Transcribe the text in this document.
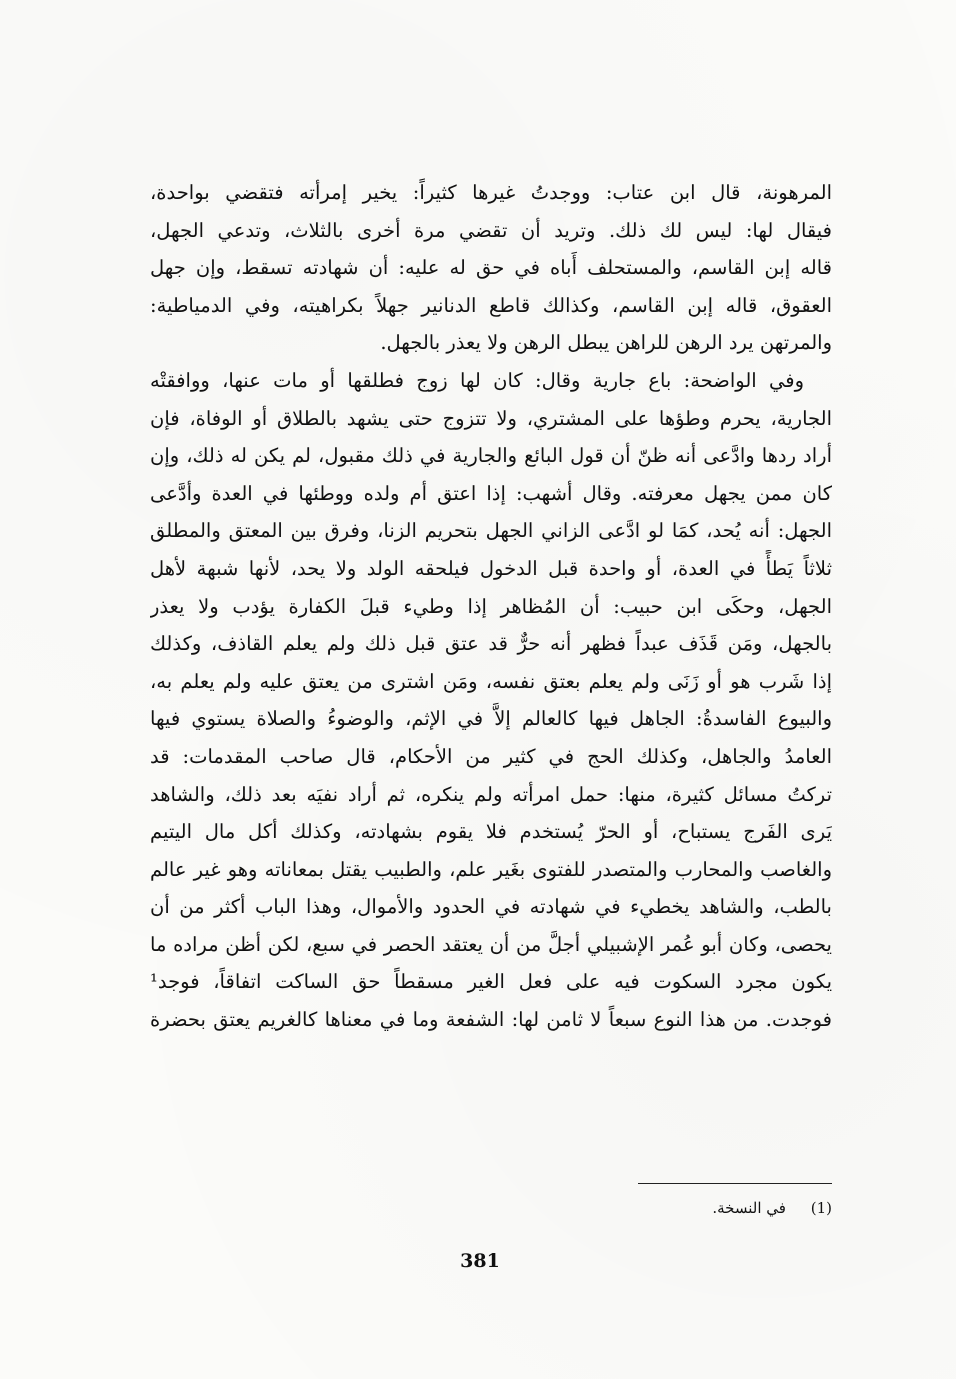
المرهونة، قال ابن عتاب: ووجدتُ غيرها كثيراً: يخير إمرأته فتقضي بواحدة،
فيقال لها: ليس لك ذلك. وتريد أن تقضي مرة أخرى بالثلاث، وتدعي الجهل،
قاله إبن القاسم، والمستحلف أَباه في حق له عليه: أن شهادته تسقط، وإن جهل
العقوق، قاله إبن القاسم، وكذالك قاطع الدنانير جهلاً بكراهيته، وفي الدمياطية:
والمرتهن يرد الرهن للراهن يبطل الرهن ولا يعذر بالجهل.
وفي الواضحة: باع جارية وقال: كان لها زوج فطلقها أو مات عنها، ووافقتْه
الجارية، يحرم وطؤها على المشتري، ولا تتزوج حتى يشهد بالطلاق أو الوفاة، فإن
أراد ردها وادَّعى أنه ظنّ أن قول البائع والجارية في ذلك مقبول، لم يكن له ذلك، وإن
كان ممن يجهل معرفته. وقال أشهب: إذا اعتق أم ولده ووطئها في العدة وأدَّعى
الجهل: أنه يُحد، كمَا لو ادَّعى الزاني الجهل بتحريم الزنا، وفرق بين المعتق والمطلق
ثلاثاً يَطأً في العدة، أو واحدة قبل الدخول فيلحقه الولد ولا يحد، لأنها شبهة لأهل
الجهل، وحكَى ابن حبيب: أن المُظاهر إذا وطيء قبلَ الكفارة يؤدب ولا يعذر
بالجهل، ومَن قَذَف عبداً فظهر أنه حرٌّ قد عتق قبل ذلك ولم يعلم القاذف، وكذلك
إذا شَرب هو أو زَنَى ولم يعلم بعتق نفسه، ومَن اشترى من يعتق عليه ولم يعلم به،
والبيوع الفاسدةُ: الجاهل فيها كالعالم إلاَّ في الإثم، والوضوءُ والصلاة يستوي فيها
العامدُ والجاهل، وكذلك الحج في كثير من الأحكام، قال صاحب المقدمات: قد
تركتُ مسائل كثيرة، منها: حمل امرأته ولم ينكره، ثم أراد نفيَه بعد ذلك، والشاهد
يَرى الفَرج يستباح، أو الحرّ يُستخدم فلا يقوم بشهادته، وكذلك أكل مال اليتيم
والغاصب والمحارب والمتصدر للفتوى بغَير علم، والطبيب يقتل بمعاناته وهو غير عالم
بالطب، والشاهد يخطيء في شهادته في الحدود والأموال، وهذا الباب أكثر من أن
يحصى، وكان أبو عُمر الإشبيلي أجلَّ من أن يعتقد الحصر في سبع، لكن أظن مراده ما
يكون مجرد السكوت فيه على فعل الغير مسقطاً حق الساكت اتفاقاً، فوجد¹
فوجدت. من هذا النوع سبعاً لا ثامن لها: الشفعة وما في معناها كالغريم يعتق بحضرة
(1) في النسخة.
381
